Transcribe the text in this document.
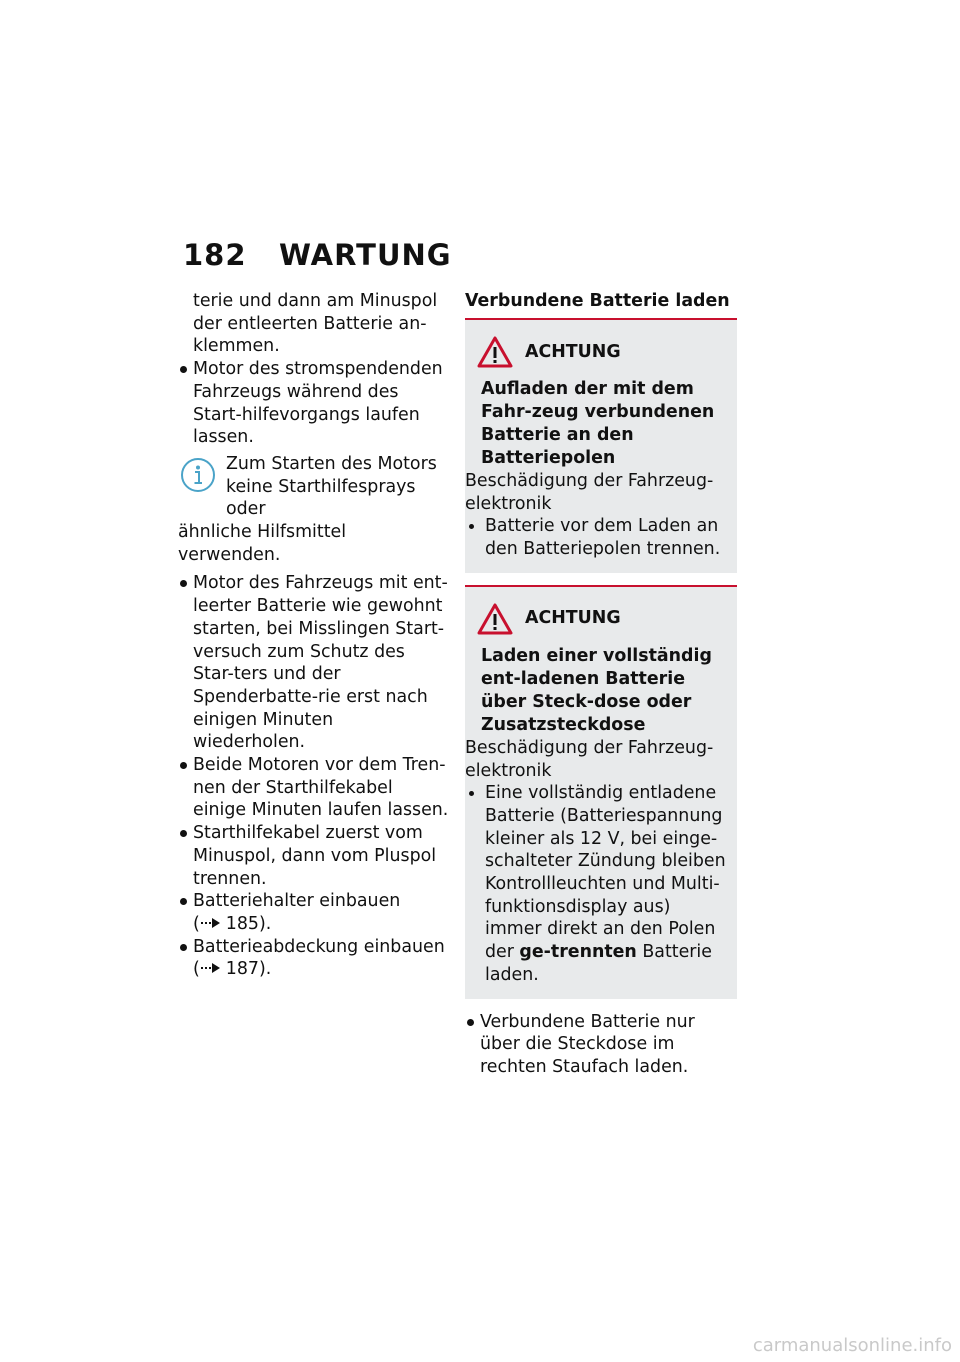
182 WARTUNG

terie und dann am Minuspol der entleerten Batterie an-klemmen.

Motor des stromspendenden Fahrzeugs während des Start-hilfevorgangs laufen lassen.

Zum Starten des Motors keine Starthilfesprays oder
ähnliche Hilfsmittel verwenden.

Motor des Fahrzeugs mit ent-leerter Batterie wie gewohnt starten, bei Misslingen Start-versuch zum Schutz des Star-ters und der Spenderbatte-rie erst nach einigen Minuten wiederholen.

Beide Motoren vor dem Tren-nen der Starthilfekabel einige Minuten laufen lassen.

Starthilfekabel zuerst vom Minuspol, dann vom Pluspol trennen.

Batteriehalter einbauen
( 185).

Batterieabdeckung einbauen
( 187).

Verbundene Batterie laden
ACHTUNG
Aufladen der mit dem Fahr-zeug verbundenen Batterie an den Batteriepolen

Beschädigung der Fahrzeug-elektronik

Batterie vor dem Laden an den Batteriepolen trennen.

ACHTUNG
Laden einer vollständig ent-ladenen Batterie über Steck-dose oder Zusatzsteckdose

Beschädigung der Fahrzeug-elektronik

Eine vollständig entladene Batterie (Batteriespannung kleiner als 12 V, bei einge-schalteter Zündung bleiben Kontrollleuchten und Multi-funktionsdisplay aus) immer direkt an den Polen der ge-trennten Batterie laden.

Verbundene Batterie nur über die Steckdose im rechten Staufach laden.

carmanualsonline.info
